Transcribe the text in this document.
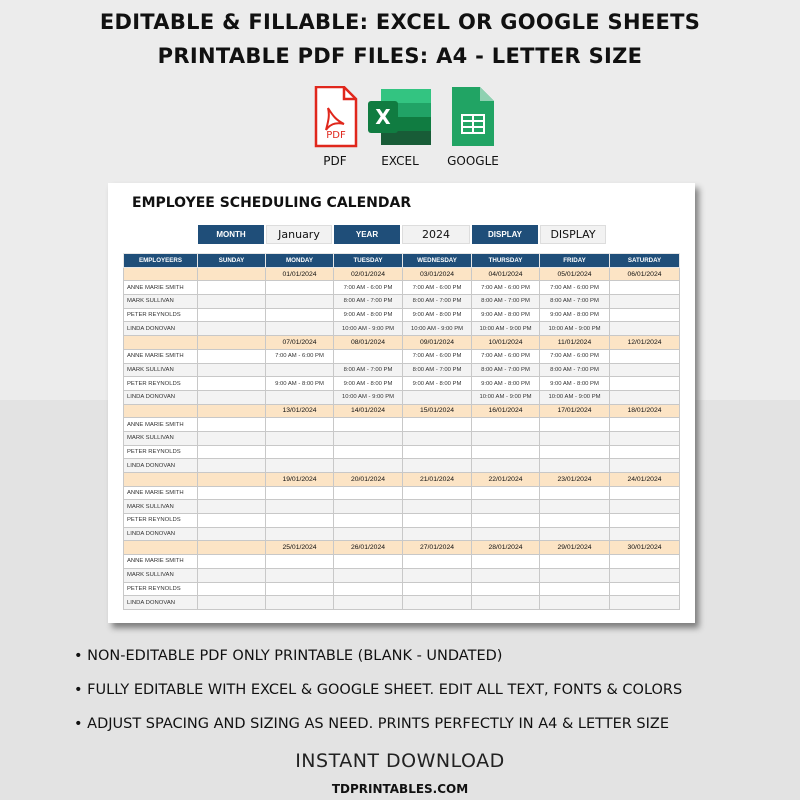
EDITABLE & FILLABLE: EXCEL OR GOOGLE SHEETS
PRINTABLE PDF FILES: A4 - LETTER SIZE
PDF
PDF
X
EXCEL	GOOGLE
EMPLOYEE SCHEDULING CALENDAR
MONTH	January	YEAR	2024	DISPLAY	DISPLAY
EMPLOYEERS	SUNDAY	MONDAY	TUESDAY	WEDNESDAY	THURSDAY	FRIDAY	SATURDAY
		01/01/2024	02/01/2024	03/01/2024	04/01/2024	05/01/2024	06/01/2024
ANNE MARIE SMITH			7:00 AM - 6:00 PM	7:00 AM - 6:00 PM	7:00 AM - 6:00 PM	7:00 AM - 6:00 PM	
MARK SULLIVAN			8:00 AM - 7:00 PM	8:00 AM - 7:00 PM	8:00 AM - 7:00 PM	8:00 AM - 7:00 PM	
PETER REYNOLDS			9:00 AM - 8:00 PM	9:00 AM - 8:00 PM	9:00 AM - 8:00 PM	9:00 AM - 8:00 PM	
LINDA DONOVAN			10:00 AM - 9:00 PM	10:00 AM - 9:00 PM	10:00 AM - 9:00 PM	10:00 AM - 9:00 PM	
		07/01/2024	08/01/2024	09/01/2024	10/01/2024	11/01/2024	12/01/2024
ANNE MARIE SMITH		7:00 AM - 6:00 PM		7:00 AM - 6:00 PM	7:00 AM - 6:00 PM	7:00 AM - 6:00 PM	
MARK SULLIVAN			8:00 AM - 7:00 PM	8:00 AM - 7:00 PM	8:00 AM - 7:00 PM	8:00 AM - 7:00 PM	
PETER REYNOLDS		9:00 AM - 8:00 PM	9:00 AM - 8:00 PM	9:00 AM - 8:00 PM	9:00 AM - 8:00 PM	9:00 AM - 8:00 PM	
LINDA DONOVAN			10:00 AM - 9:00 PM		10:00 AM - 9:00 PM	10:00 AM - 9:00 PM	
		13/01/2024	14/01/2024	15/01/2024	16/01/2024	17/01/2024	18/01/2024
ANNE MARIE SMITH							
MARK SULLIVAN							
PETER REYNOLDS							
LINDA DONOVAN							
		19/01/2024	20/01/2024	21/01/2024	22/01/2024	23/01/2024	24/01/2024
ANNE MARIE SMITH							
MARK SULLIVAN							
PETER REYNOLDS							
LINDA DONOVAN							
		25/01/2024	26/01/2024	27/01/2024	28/01/2024	29/01/2024	30/01/2024
ANNE MARIE SMITH							
MARK SULLIVAN							
PETER REYNOLDS							
LINDA DONOVAN							
• NON-EDITABLE PDF ONLY PRINTABLE (BLANK - UNDATED)
• FULLY EDITABLE WITH EXCEL & GOOGLE SHEET. EDIT ALL TEXT, FONTS & COLORS
• ADJUST SPACING AND SIZING AS NEED. PRINTS PERFECTLY IN A4 & LETTER SIZE
INSTANT DOWNLOAD
TDPRINTABLES.COM
